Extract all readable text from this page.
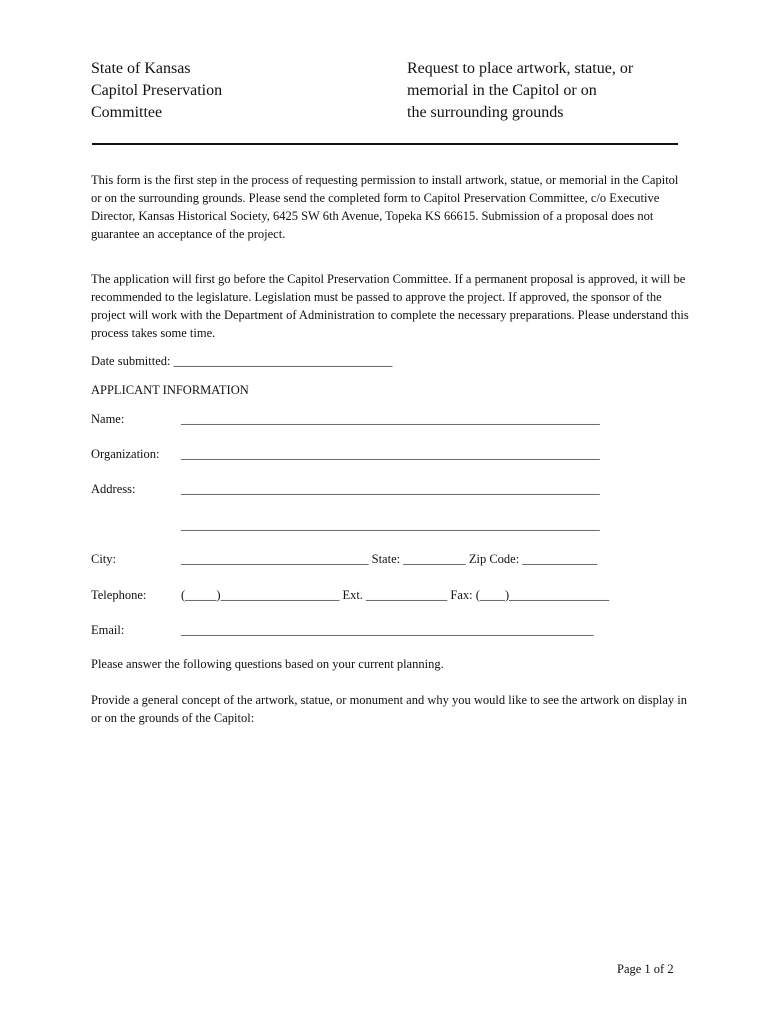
State of Kansas
Capitol Preservation
Committee
Request to place artwork, statue, or
memorial in the Capitol or on
the surrounding grounds

This form is the first step in the process of requesting permission to install artwork, statue, or memorial in the Capitol or on the surrounding grounds. Please send the completed form to Capitol Preservation Committee, c/o Executive Director, Kansas Historical Society, 6425 SW 6th Avenue, Topeka KS 66615. Submission of a proposal does not guarantee an acceptance of the project.

The application will first go before the Capitol Preservation Committee. If a permanent proposal is approved, it will be recommended to the legislature. Legislation must be passed to approve the project. If approved, the sponsor of the project will work with the Department of Administration to complete the necessary preparations. Please understand this process takes some time.

Date submitted: ___________________________________
APPLICANT INFORMATION
Name:	___________________________________________________________________
Organization: ___________________________________________________________________
Address:	___________________________________________________________________
___________________________________________________________________
City:	______________________________ State: __________ Zip Code: ____________
Telephone:	(_____)___________________ Ext. _____________ Fax: (____)________________
Email:	__________________________________________________________________
Please answer the following questions based on your current planning.

Provide a general concept of the artwork, statue, or monument and why you would like to see the artwork on display in or on the grounds of the Capitol:

Page 1 of 2
